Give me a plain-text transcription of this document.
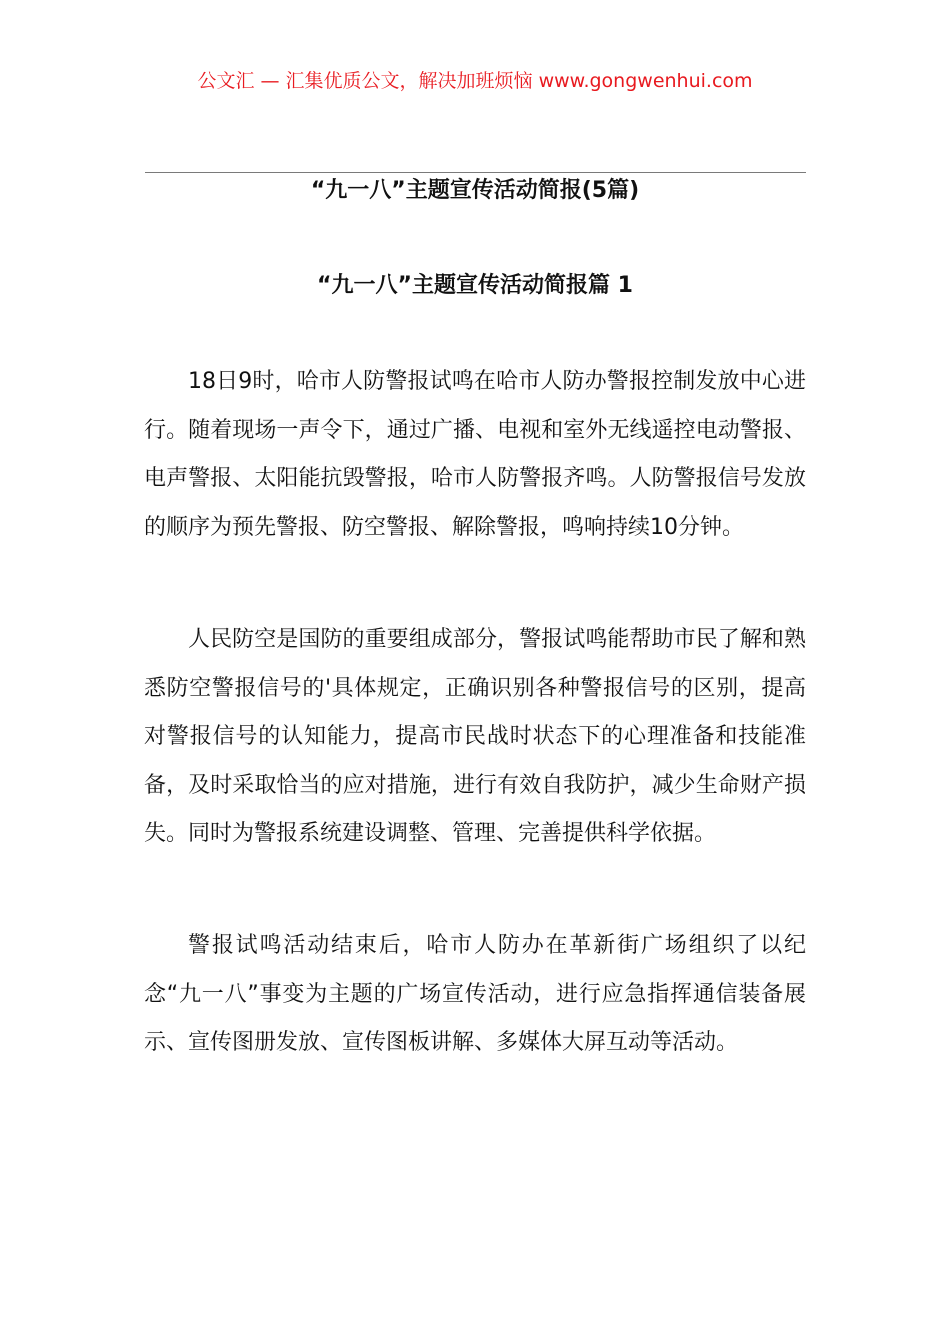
公文汇 — 汇集优质公文，解决加班烦恼 www.gongwenhui.com
“九一八”主题宣传活动简报(5篇)
“九一八”主题宣传活动简报篇 1

18日9时，哈市人防警报试鸣在哈市人防办警报控制发放中心进行。随着现场一声令下，通过广播、电视和室外无线遥控电动警报、电声警报、太阳能抗毁警报，哈市人防警报齐鸣。人防警报信号发放的顺序为预先警报、防空警报、解除警报，鸣响持续10分钟。

人民防空是国防的重要组成部分，警报试鸣能帮助市民了解和熟悉防空警报信号的'具体规定，正确识别各种警报信号的区别，提高对警报信号的认知能力，提高市民战时状态下的心理准备和技能准备，及时采取恰当的应对措施，进行有效自我防护，减少生命财产损失。同时为警报系统建设调整、管理、完善提供科学依据。

警报试鸣活动结束后，哈市人防办在革新街广场组织了以纪念“九一八”事变为主题的广场宣传活动，进行应急指挥通信装备展示、宣传图册发放、宣传图板讲解、多媒体大屏互动等活动。
